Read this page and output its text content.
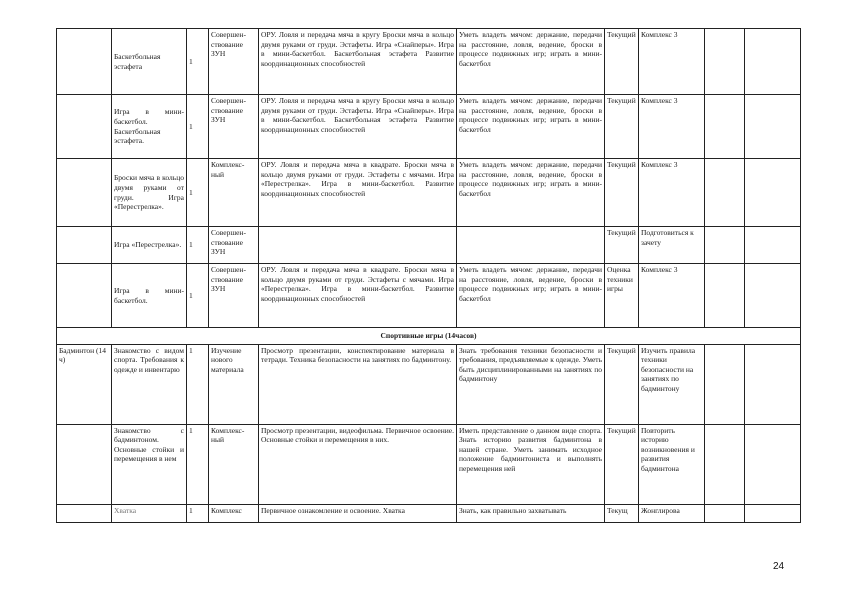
	Баскетбольная эстафета	1	Совершен-ствование ЗУН	ОРУ. Ловля и передача мяча в кругу Броски мяча в кольцо двумя руками от груди. Эстафеты. Игра «Снайперы». Игра в мини-баскетбол. Баскетбольная эстафета Развитие координационных способностей	Уметь владеть мячом: держание, передачи на расстояние, ловля, ведение, броски в процессе подвижных игр; играть в мини-баскетбол	Текущий	Комплекс 3		
	Игра в мини-баскетбол. Баскетбольная эстафета.	1	Совершен-ствование ЗУН	ОРУ. Ловля и передача мяча в кругу Броски мяча в кольцо двумя руками от груди. Эстафеты. Игра «Снайперы». Игра в мини-баскетбол. Баскетбольная эстафета Развитие координационных способностей	Уметь владеть мячом: держание, передачи на расстояние, ловля, ведение, броски в процессе подвижных игр; играть в мини-баскетбол	Текущий	Комплекс 3		
	Броски мяча в кольцо двумя руками от груди. Игра «Перестрелка».	1	Комплекс-ный	ОРУ. Ловля и передача мяча в квадрате. Броски мяча в кольцо двумя руками от груди. Эстафеты с мячами. Игра «Перестрелка». Игра в мини-баскетбол. Развитие координационных способностей	Уметь владеть мячом: держание, передачи на расстояние, ловля, ведение, броски в процессе подвижных игр; играть в мини-баскетбол	Текущий	Комплекс 3		
	Игра «Перестрелка».	1	Совершен-ствование ЗУН			Текущий	Подготовиться к зачету		
	Игра в мини-баскетбол.	1	Совершен-ствование ЗУН	ОРУ. Ловля и передача мяча в квадрате. Броски мяча в кольцо двумя руками от груди. Эстафеты с мячами. Игра «Перестрелка». Игра в мини-баскетбол. Развитие координационных способностей	Уметь владеть мячом: держание, передачи на расстояние, ловля, ведение, броски в процессе подвижных игр; играть в мини-баскетбол	Оценка техники игры	Комплекс 3		
Спортивные игры (14часов)									
Бадминтон (14 ч)	Знакомство с видом спорта. Требования к одежде и инвентарю	1	Изучение нового материала	Просмотр презентации, конспектирование материала в тетради. Техника безопасности на занятиях по бадминтону.	Знать требования техники безопасности и требования, предъявляемые к одежде. Уметь быть дисциплинированными на занятиях по бадминтону	Текущий	Изучить правила техники безопасности на занятиях по бадминтону		
	Знакомство с бадминтоном. Основные стойки и перемещения в нем	1	Комплекс-ный	Просмотр презентации, видеофильма. Первичное освоение. Основные стойки и перемещения в них.	Иметь представление о данном виде спорта. Знать историю развития бадминтона в нашей стране. Уметь занимать исходное положение бадминтониста и выполнять перемещения ней	Текущий	Повторить историю возникновения и развития бадминтона		
	Хватка	1	Комплекс	Первичное ознакомление и освоение. Хватка	Знать, как правильно захватывать	Текущ	Жонглирова		
24
